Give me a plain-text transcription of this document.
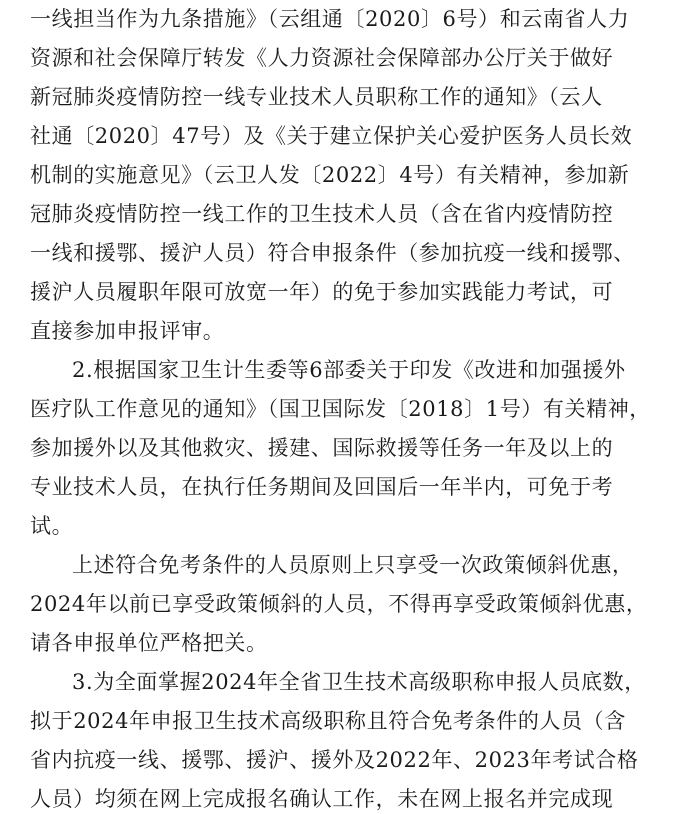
一线担当作为九条措施》（云组通〔2020〕6号）和云南省人力
资源和社会保障厅转发《人力资源社会保障部办公厅关于做好
新冠肺炎疫情防控一线专业技术人员职称工作的通知》（云人
社通〔2020〕47号）及《关于建立保护关心爱护医务人员长效
机制的实施意见》（云卫人发〔2022〕4号）有关精神，参加新
冠肺炎疫情防控一线工作的卫生技术人员（含在省内疫情防控
一线和援鄂、援沪人员）符合申报条件（参加抗疫一线和援鄂、
援沪人员履职年限可放宽一年）的免于参加实践能力考试，可
直接参加申报评审。
2.根据国家卫生计生委等6部委关于印发《改进和加强援外
医疗队工作意见的通知》（国卫国际发〔2018〕1号）有关精神，
参加援外以及其他救灾、援建、国际救援等任务一年及以上的
专业技术人员，在执行任务期间及回国后一年半内，可免于考
试。
上述符合免考条件的人员原则上只享受一次政策倾斜优惠，
2024年以前已享受政策倾斜的人员，不得再享受政策倾斜优惠，
请各申报单位严格把关。
3.为全面掌握2024年全省卫生技术高级职称申报人员底数，
拟于2024年申报卫生技术高级职称且符合免考条件的人员（含
省内抗疫一线、援鄂、援沪、援外及2022年、2023年考试合格
人员）均须在网上完成报名确认工作，未在网上报名并完成现
